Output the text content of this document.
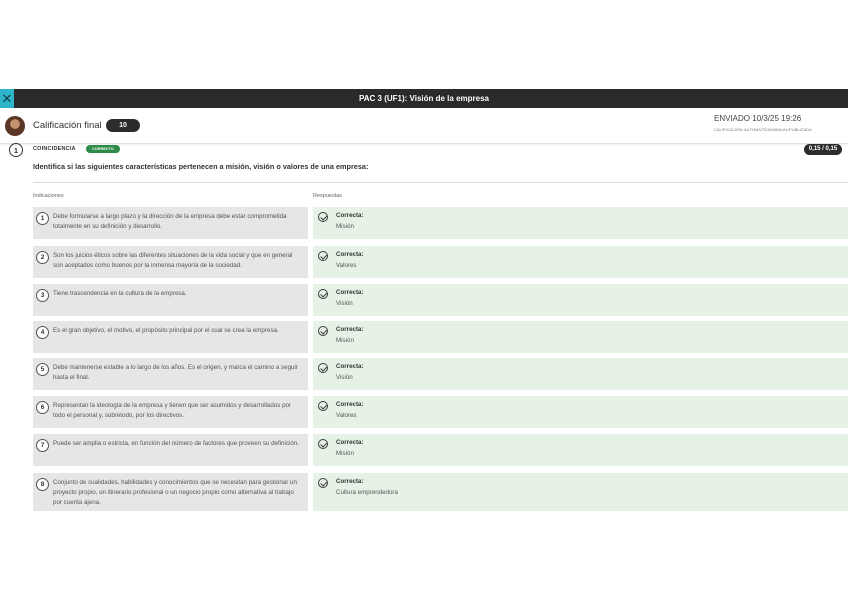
✕	PAC 3 (UF1): Visión de la empresa
Calificación final	10
ENVIADO 10/3/25 19:26
CALIFICACIÓN: AUTOMÁTICA/MANUAL/PUBLICADA
1	COINCIDENCIA	CORRECTO	0,15 / 0,15
Identifica si las siguientes características pertenecen a misión, visión o valores de una empresa:
Indicaciones	Respuestas
1	Debe formularse a largo plazo y la dirección de la empresa debe estar comprometida totalmente en su definición y desarrollo.
Correcta:
Misión
2	Son los juicios éticos sobre las diferentes situaciones de la vida social y que en general son aceptados como buenos por la inmensa mayoría de la sociedad.
Correcta:
Valores
3	Tiene trascendencia en la cultura de la empresa.	Correcta:
Visión
4	Es el gran objetivo, el motivo, el propósito principal por el cual se crea la empresa.	Correcta:
Misión
5	Debe mantenerse estable a lo largo de los años. Es el origen, y marca el camino a seguir hasta el final.
Correcta:
Visión
6	Representan la ideología de la empresa y tienen que ser asumidos y desarrollados por todo el personal y, sobretodo, por los directivos.
Correcta:
Valores
7	Puede ser amplia o estricta, en función del número de factores que proveen su definición.	Correcta:
Misión
8	Conjunto de cualidades, habilidades y conocimientos que se necesitan para gestionar un proyecto propio, un itinerario profesional o un negocio propio como alternativa al trabajo por cuenta ajena.
Correcta:
Cultura emprendedora
